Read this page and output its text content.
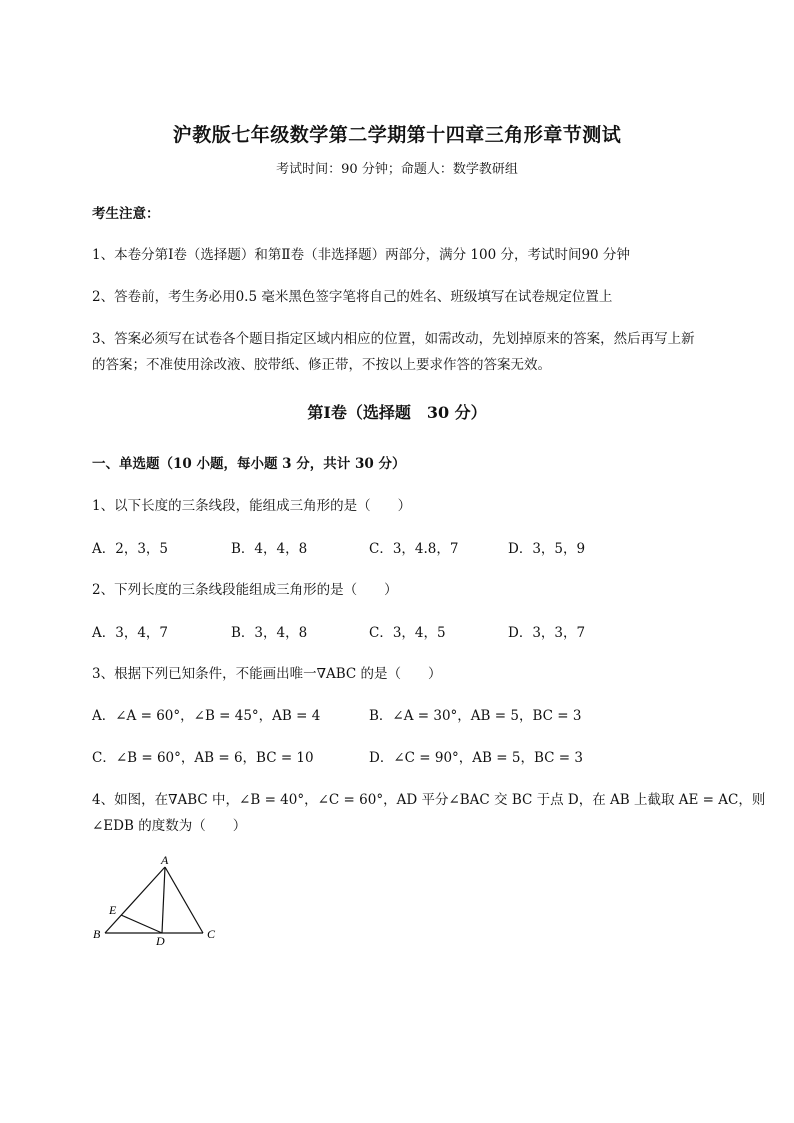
沪教版七年级数学第二学期第十四章三角形章节测试
考试时间：90 分钟；命题人：数学教研组
考生注意：
1、本卷分第Ⅰ卷（选择题）和第Ⅱ卷（非选择题）两部分，满分 100 分，考试时间90 分钟
2、答卷前，考生务必用0.5 毫米黑色签字笔将自己的姓名、班级填写在试卷规定位置上
3、答案必须写在试卷各个题目指定区域内相应的位置，如需改动，先划掉原来的答案，然后再写上新
的答案；不准使用涂改液、胶带纸、修正带，不按以上要求作答的答案无效。
第Ⅰ卷（选择题　30 分）
一、单选题（10 小题，每小题 3 分，共计 30 分）
1、以下长度的三条线段，能组成三角形的是（　　）
A．2，3，5	B．4，4，8	C．3，4.8，7	D．3，5，9
2、下列长度的三条线段能组成三角形的是（　　）
A．3，4，7	B．3，4，8	C．3，4，5	D．3，3，7
3、根据下列已知条件，不能画出唯一∇ABC 的是（　　）
A．∠A = 60°，∠B = 45°，AB = 4	B．∠A = 30°，AB = 5，BC = 3
C．∠B = 60°，AB = 6，BC = 10	D．∠C = 90°，AB = 5，BC = 3
4、如图，在∇ABC 中，∠B = 40°，∠C = 60°，AD 平分∠BAC 交 BC 于点 D，在 AB 上截取 AE = AC，则
∠EDB 的度数为（　　）
A
B	C
D
E
